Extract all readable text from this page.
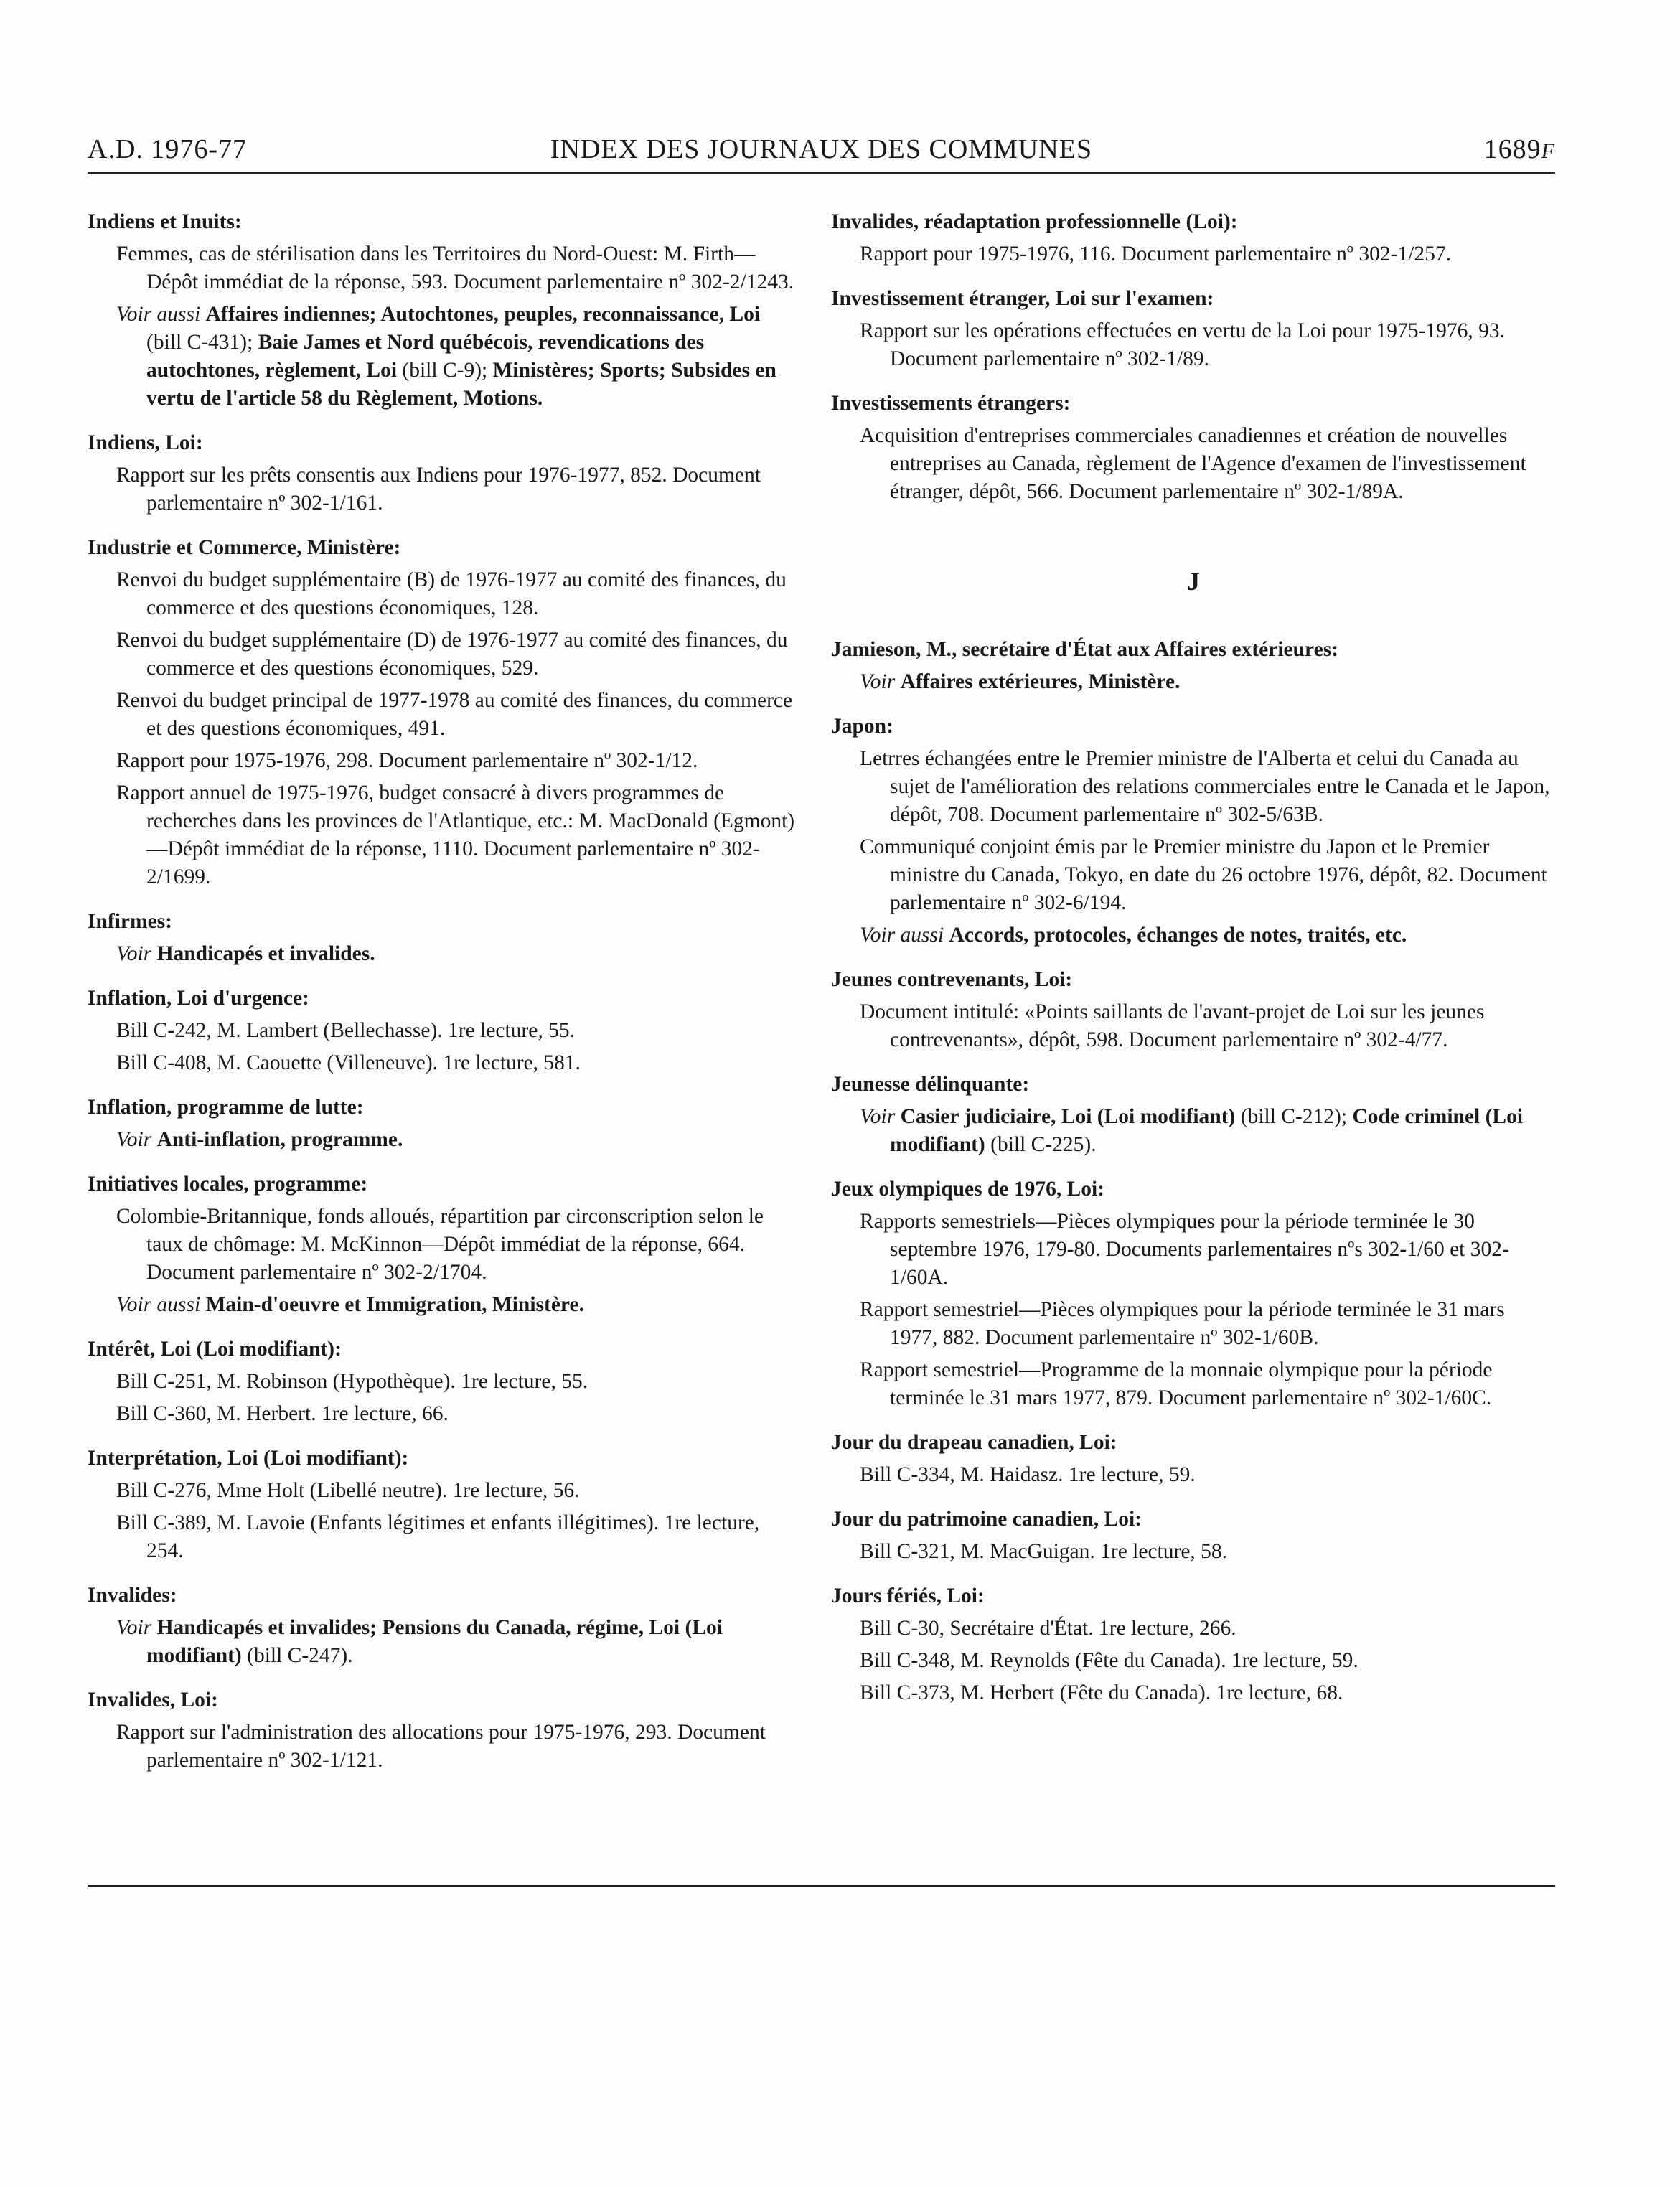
A.D. 1976-77	INDEX DES JOURNAUX DES COMMUNES	1689F
Indiens et Inuits:
Femmes, cas de stérilisation dans les Territoires du Nord-Ouest: M. Firth—Dépôt immédiat de la réponse, 593. Document parlementaire nº 302-2/1243.
Voir aussi Affaires indiennes; Autochtones, peuples, reconnaissance, Loi (bill C-431); Baie James et Nord québécois, revendications des autochtones, règlement, Loi (bill C-9); Ministères; Sports; Subsides en vertu de l'article 58 du Règlement, Motions.
Indiens, Loi:
Rapport sur les prêts consentis aux Indiens pour 1976-1977, 852. Document parlementaire nº 302-1/161.
Industrie et Commerce, Ministère:
Renvoi du budget supplémentaire (B) de 1976-1977 au comité des finances, du commerce et des questions économiques, 128.
Renvoi du budget supplémentaire (D) de 1976-1977 au comité des finances, du commerce et des questions économiques, 529.
Renvoi du budget principal de 1977-1978 au comité des finances, du commerce et des questions économiques, 491.
Rapport pour 1975-1976, 298. Document parlementaire nº 302-1/12.
Rapport annuel de 1975-1976, budget consacré à divers programmes de recherches dans les provinces de l'Atlantique, etc.: M. MacDonald (Egmont)—Dépôt immédiat de la réponse, 1110. Document parlementaire nº 302-2/1699.
Infirmes:
Voir Handicapés et invalides.
Inflation, Loi d'urgence:
Bill C-242, M. Lambert (Bellechasse). 1re lecture, 55.
Bill C-408, M. Caouette (Villeneuve). 1re lecture, 581.
Inflation, programme de lutte:
Voir Anti-inflation, programme.
Initiatives locales, programme:
Colombie-Britannique, fonds alloués, répartition par circonscription selon le taux de chômage: M. McKinnon—Dépôt immédiat de la réponse, 664. Document parlementaire nº 302-2/1704.
Voir aussi Main-d'oeuvre et Immigration, Ministère.
Intérêt, Loi (Loi modifiant):
Bill C-251, M. Robinson (Hypothèque). 1re lecture, 55.
Bill C-360, M. Herbert. 1re lecture, 66.
Interprétation, Loi (Loi modifiant):
Bill C-276, Mme Holt (Libellé neutre). 1re lecture, 56.
Bill C-389, M. Lavoie (Enfants légitimes et enfants illégitimes). 1re lecture, 254.
Invalides:
Voir Handicapés et invalides; Pensions du Canada, régime, Loi (Loi modifiant) (bill C-247).
Invalides, Loi:
Rapport sur l'administration des allocations pour 1975-1976, 293. Document parlementaire nº 302-1/121.
Invalides, réadaptation professionnelle (Loi):
Rapport pour 1975-1976, 116. Document parlementaire nº 302-1/257.
Investissement étranger, Loi sur l'examen:
Rapport sur les opérations effectuées en vertu de la Loi pour 1975-1976, 93. Document parlementaire nº 302-1/89.
Investissements étrangers:
Acquisition d'entreprises commerciales canadiennes et création de nouvelles entreprises au Canada, règlement de l'Agence d'examen de l'investissement étranger, dépôt, 566. Document parlementaire nº 302-1/89A.
J
Jamieson, M., secrétaire d'État aux Affaires extérieures:
Voir Affaires extérieures, Ministère.
Japon:
Letrres échangées entre le Premier ministre de l'Alberta et celui du Canada au sujet de l'amélioration des relations commerciales entre le Canada et le Japon, dépôt, 708. Document parlementaire nº 302-5/63B.
Communiqué conjoint émis par le Premier ministre du Japon et le Premier ministre du Canada, Tokyo, en date du 26 octobre 1976, dépôt, 82. Document parlementaire nº 302-6/194.
Voir aussi Accords, protocoles, échanges de notes, traités, etc.
Jeunes contrevenants, Loi:
Document intitulé: «Points saillants de l'avant-projet de Loi sur les jeunes contrevenants», dépôt, 598. Document parlementaire nº 302-4/77.
Jeunesse délinquante:
Voir Casier judiciaire, Loi (Loi modifiant) (bill C-212); Code criminel (Loi modifiant) (bill C-225).
Jeux olympiques de 1976, Loi:
Rapports semestriels—Pièces olympiques pour la période terminée le 30 septembre 1976, 179-80. Documents parlementaires nºs 302-1/60 et 302-1/60A.
Rapport semestriel—Pièces olympiques pour la période terminée le 31 mars 1977, 882. Document parlementaire nº 302-1/60B.
Rapport semestriel—Programme de la monnaie olympique pour la période terminée le 31 mars 1977, 879. Document parlementaire nº 302-1/60C.
Jour du drapeau canadien, Loi:
Bill C-334, M. Haidasz. 1re lecture, 59.
Jour du patrimoine canadien, Loi:
Bill C-321, M. MacGuigan. 1re lecture, 58.
Jours fériés, Loi:
Bill C-30, Secrétaire d'État. 1re lecture, 266.
Bill C-348, M. Reynolds (Fête du Canada). 1re lecture, 59.
Bill C-373, M. Herbert (Fête du Canada). 1re lecture, 68.
